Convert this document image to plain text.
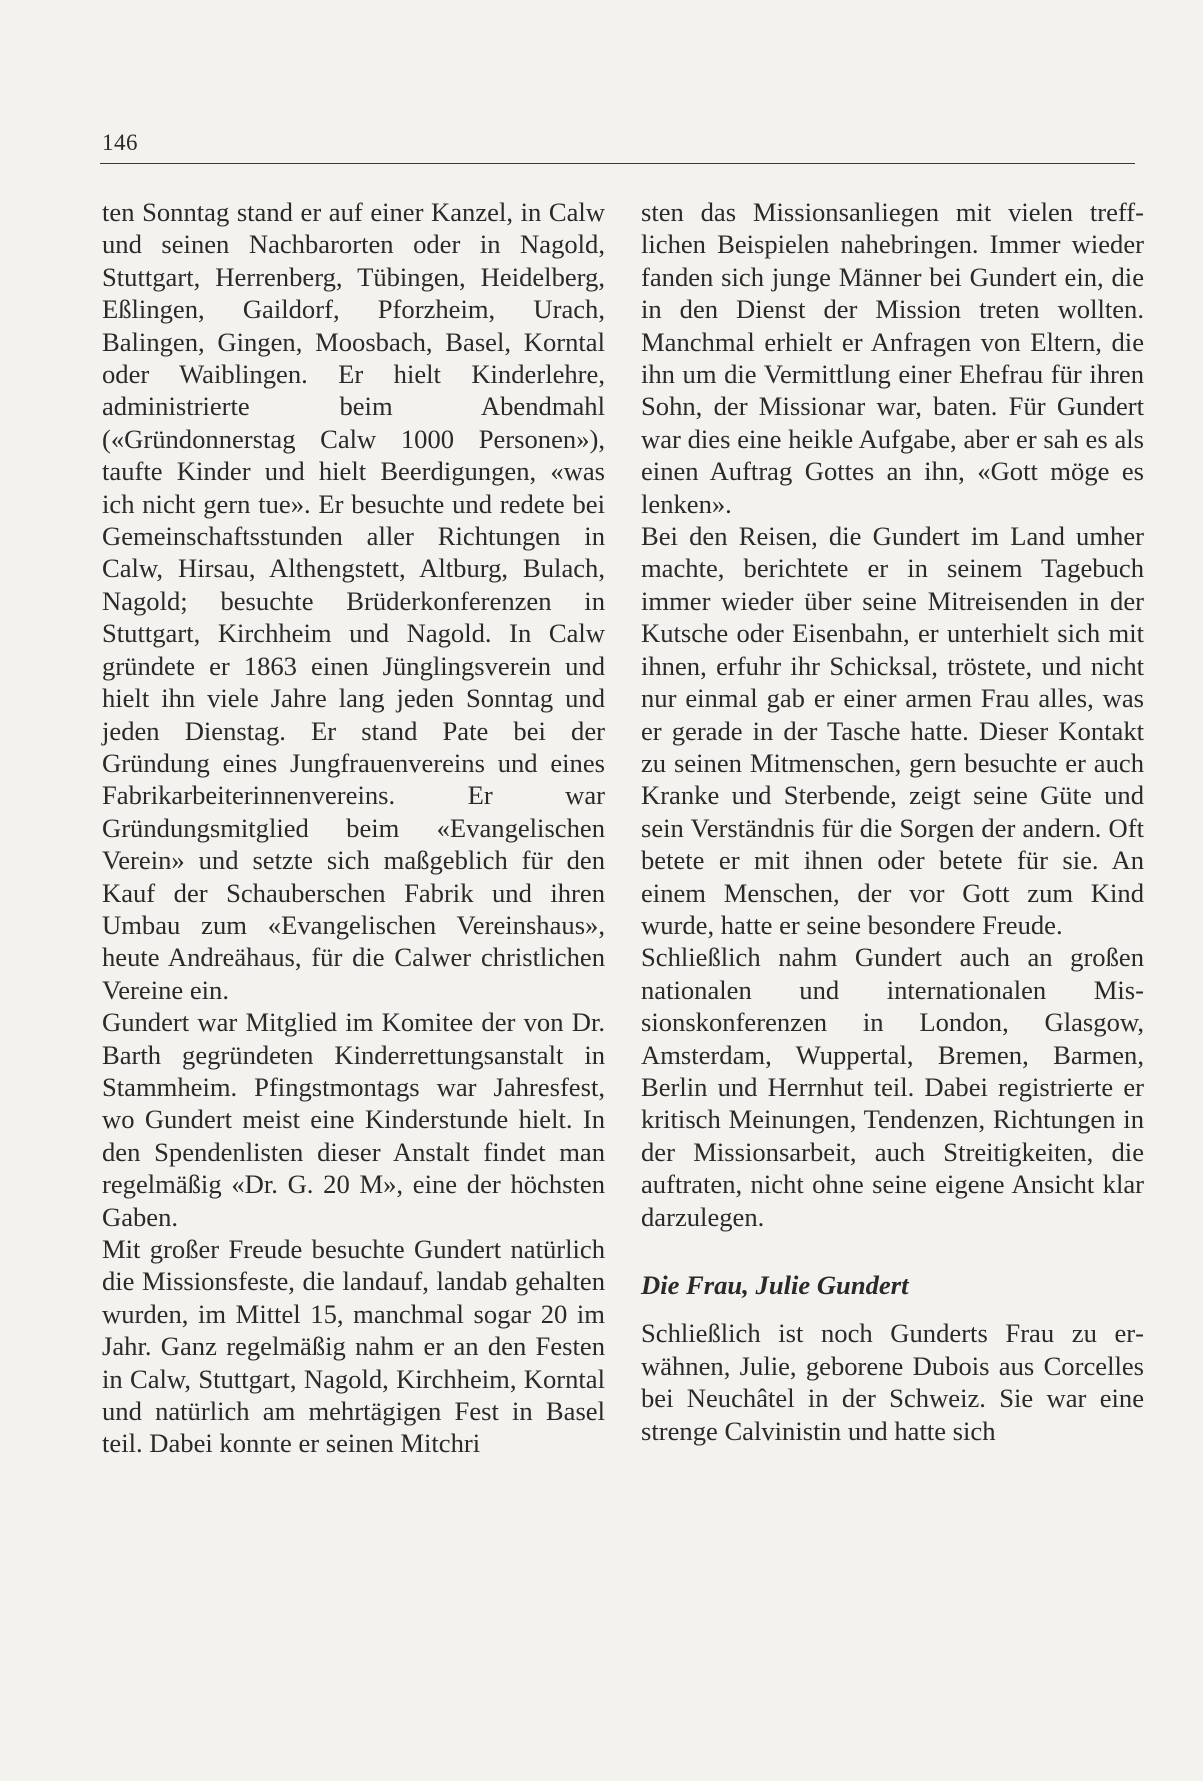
146

ten Sonntag stand er auf einer Kanzel, in Calw und seinen Nachbarorten oder in Nagold, Stuttgart, Herrenberg, Tübingen, Heidelberg, Eßlingen, Gaildorf, Pforzheim, Urach, Balingen, Gingen, Moosbach, Basel, Korntal oder Waiblingen. Er hielt Kinderlehre, administrierte beim Abendmahl («Gründonnerstag Calw 1000 Personen»), taufte Kinder und hielt Beerdigungen, «was ich nicht gern tue». Er besuchte und redete bei Gemeinschaftsstunden aller Richtungen in Calw, Hirsau, Althengstett, Altburg, Bulach, Nagold; besuchte Brüderkonferenzen in Stuttgart, Kirchheim und Nagold. In Calw gründete er 1863 einen Jünglingsverein und hielt ihn viele Jahre lang jeden Sonntag und jeden Dienstag. Er stand Pate bei der Gründung eines Jungfrauenvereins und eines Fabrikarbeiterinnenvereins. Er war Gründungsmitglied beim «Evangelischen Verein» und setzte sich maßgeblich für den Kauf der Schauberschen Fabrik und ihren Umbau zum «Evangelischen Vereinshaus», heute Andreähaus, für die Calwer christlichen Vereine ein.

Gundert war Mitglied im Komitee der von Dr. Barth gegründeten Kinderrettungsanstalt in Stammheim. Pfingstmontags war Jahresfest, wo Gundert meist eine Kinderstunde hielt. In den Spendenlisten dieser Anstalt findet man regelmäßig «Dr. G. 20 M», eine der höchsten Gaben.

Mit großer Freude besuchte Gundert natürlich die Missionsfeste, die landauf, landab gehalten wurden, im Mittel 15, manchmal sogar 20 im Jahr. Ganz regelmäßig nahm er an den Festen in Calw, Stuttgart, Nagold, Kirchheim, Korntal und natürlich am mehrtägigen Fest in Basel teil. Dabei konnte er seinen Mitchri

sten das Missionsanliegen mit vielen trefflichen Beispielen nahebringen. Immer wieder fanden sich junge Männer bei Gundert ein, die in den Dienst der Mission treten wollten. Manchmal erhielt er Anfragen von Eltern, die ihn um die Vermittlung einer Ehefrau für ihren Sohn, der Missionar war, baten. Für Gundert war dies eine heikle Aufgabe, aber er sah es als einen Auftrag Gottes an ihn, «Gott möge es lenken».

Bei den Reisen, die Gundert im Land umher machte, berichtete er in seinem Tagebuch immer wieder über seine Mitreisenden in der Kutsche oder Eisenbahn, er unterhielt sich mit ihnen, erfuhr ihr Schicksal, tröstete, und nicht nur einmal gab er einer armen Frau alles, was er gerade in der Tasche hatte. Dieser Kontakt zu seinen Mitmenschen, gern besuchte er auch Kranke und Sterbende, zeigt seine Güte und sein Verständnis für die Sorgen der andern. Oft betete er mit ihnen oder betete für sie. An einem Menschen, der vor Gott zum Kind wurde, hatte er seine besondere Freude.

Schließlich nahm Gundert auch an großen nationalen und internationalen Missionskonferenzen in London, Glasgow, Amsterdam, Wuppertal, Bremen, Barmen, Berlin und Herrnhut teil. Dabei registrierte er kritisch Meinungen, Tendenzen, Richtungen in der Missionsarbeit, auch Streitigkeiten, die auftraten, nicht ohne seine eigene Ansicht klar darzulegen.

Die Frau, Julie Gundert

Schließlich ist noch Gunderts Frau zu erwähnen, Julie, geborene Dubois aus Corcelles bei Neuchâtel in der Schweiz. Sie war eine strenge Calvinistin und hatte sich
